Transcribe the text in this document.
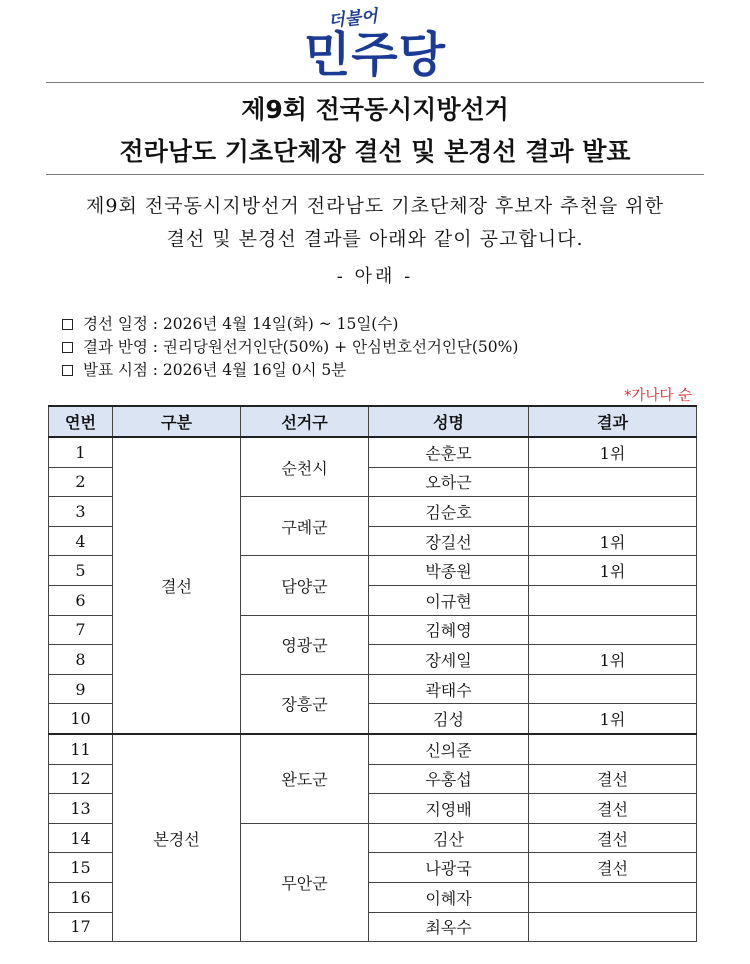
더불어
민주당
제9회 전국동시지방선거
전라남도 기초단체장 결선 및 본경선 결과 발표
제9회 전국동시지방선거 전라남도 기초단체장 후보자 추천을 위한
결선 및 본경선 결과를 아래와 같이 공고합니다.
- 아래 -
경선 일정 : 2026년 4월 14일(화) ~ 15일(수)
결과 반영 : 권리당원선거인단(50%) + 안심번호선거인단(50%)
발표 시점 : 2026년 4월 16일 0시 5분
*가나다 순
연번	구분	선거구	성명	결과
1	결선	순천시	손훈모	1위
2			오하근	
3		구례군	김순호	
4			장길선	1위
5		담양군	박종원	1위
6			이규현	
7		영광군	김혜영	
8			장세일	1위
9		장흥군	곽태수	
10			김성	1위
11	본경선	완도군	신의준	
12			우홍섭	결선
13			지영배	결선
14		무안군	김산	결선
15			나광국	결선
16			이혜자	
17			최옥수	
